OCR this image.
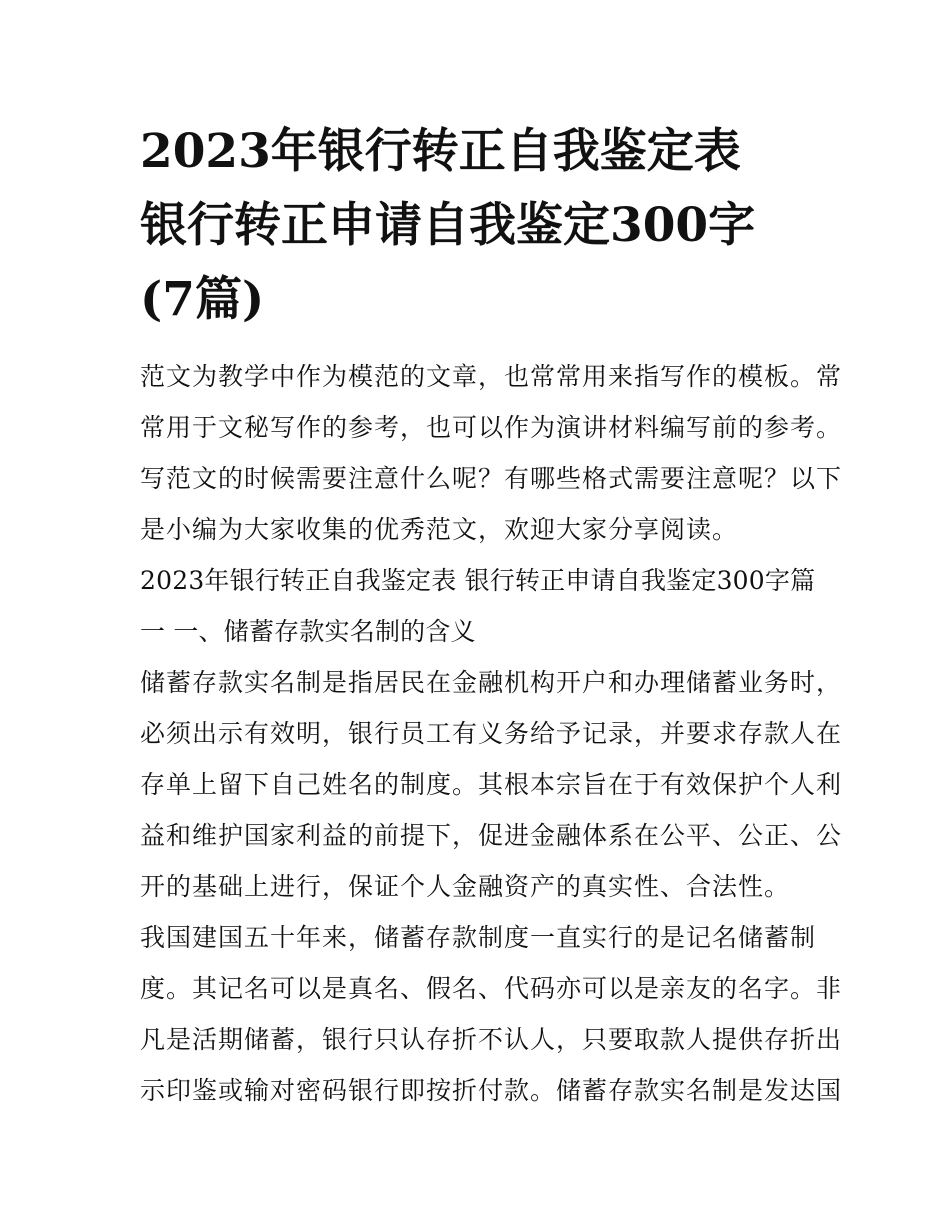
2023年银行转正自我鉴定表
银行转正申请自我鉴定300字
(7篇)

范文为教学中作为模范的文章，也常常用来指写作的模板。常
常用于文秘写作的参考，也可以作为演讲材料编写前的参考。
写范文的时候需要注意什么呢？有哪些格式需要注意呢？以下
是小编为大家收集的优秀范文，欢迎大家分享阅读。

2023年银行转正自我鉴定表 银行转正申请自我鉴定300字篇
一 一、储蓄存款实名制的含义

储蓄存款实名制是指居民在金融机构开户和办理储蓄业务时，
必须出示有效明，银行员工有义务给予记录，并要求存款人在
存单上留下自己姓名的制度。其根本宗旨在于有效保护个人利
益和维护国家利益的前提下，促进金融体系在公平、公正、公
开的基础上进行，保证个人金融资产的真实性、合法性。

我国建国五十年来，储蓄存款制度一直实行的是记名储蓄制
度。其记名可以是真名、假名、代码亦可以是亲友的名字。非
凡是活期储蓄，银行只认存折不认人，只要取款人提供存折出
示印鉴或输对密码银行即按折付款。储蓄存款实名制是发达国
